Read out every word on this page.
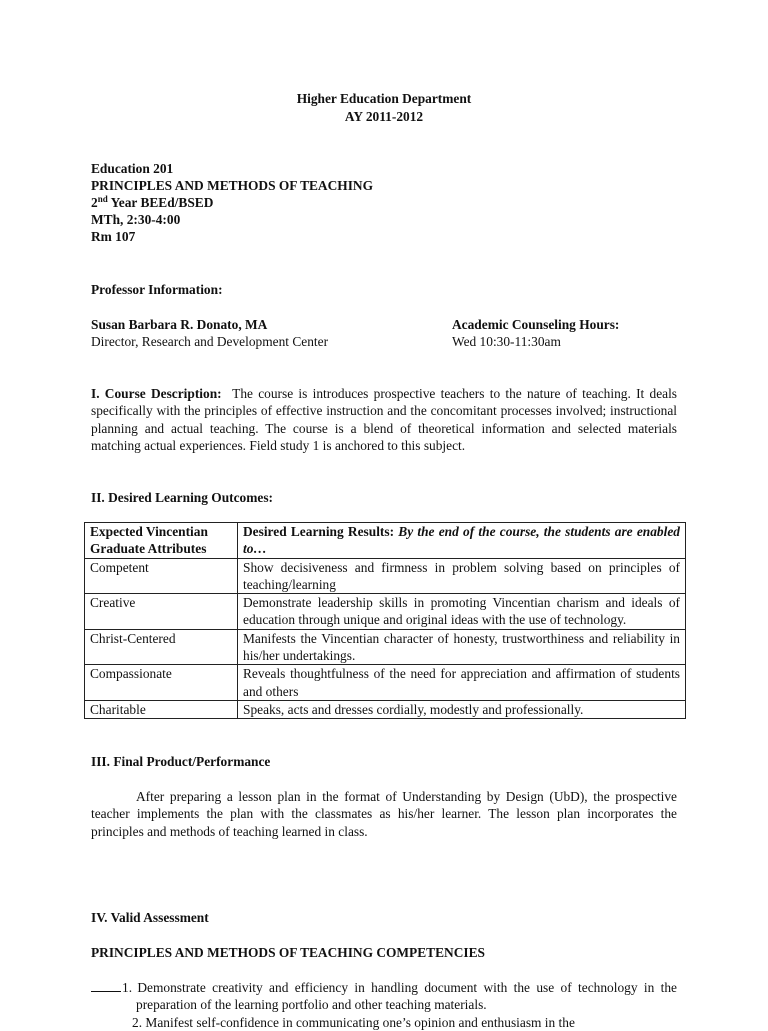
Higher Education Department
AY 2011-2012
Education 201
PRINCIPLES AND METHODS OF TEACHING
2nd Year BEEd/BSED
MTh, 2:30-4:00
Rm 107
Professor Information:
Susan Barbara R. Donato, MA
Director, Research and Development Center
Academic Counseling Hours:
Wed 10:30-11:30am
I. Course Description: The course is introduces prospective teachers to the nature of teaching. It deals specifically with the principles of effective instruction and the concomitant processes involved; instructional planning and actual teaching. The course is a blend of theoretical information and selected materials matching actual experiences. Field study 1 is anchored to this subject.
II. Desired Learning Outcomes:
Expected Vincentian Graduate Attributes	Desired Learning Results: By the end of the course, the students are enabled to…
Competent	Show decisiveness and firmness in problem solving based on principles of teaching/learning
Creative	Demonstrate leadership skills in promoting Vincentian charism and ideals of education through unique and original ideas with the use of technology.
Christ-Centered	Manifests the Vincentian character of honesty, trustworthiness and reliability in his/her undertakings.
Compassionate	Reveals thoughtfulness of the need for appreciation and affirmation of students and others
Charitable	Speaks, acts and dresses cordially, modestly and professionally.
III. Final Product/Performance
After preparing a lesson plan in the format of Understanding by Design (UbD), the prospective teacher implements the plan with the classmates as his/her learner. The lesson plan incorporates the principles and methods of teaching learned in class.
IV. Valid Assessment
PRINCIPLES AND METHODS OF TEACHING COMPETENCIES
1. Demonstrate creativity and efficiency in handling document with the use of technology in the preparation of the learning portfolio and other teaching materials.
2. Manifest self-confidence in communicating one’s opinion and enthusiasm in the
